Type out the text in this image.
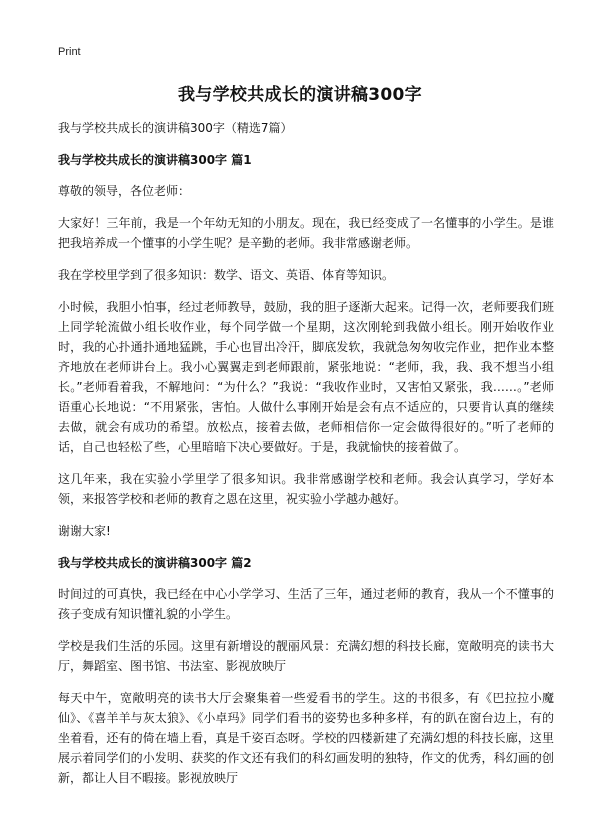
Print
我与学校共成长的演讲稿300字

我与学校共成长的演讲稿300字（精选7篇）

我与学校共成长的演讲稿300字 篇1

尊敬的领导，各位老师：

大家好！三年前，我是一个年幼无知的小朋友。现在，我已经变成了一名懂事的小学生。是谁把我培养成一个懂事的小学生呢？是辛勤的老师。我非常感谢老师。

我在学校里学到了很多知识：数学、语文、英语、体育等知识。

小时候，我胆小怕事，经过老师教导，鼓励，我的胆子逐渐大起来。记得一次，老师要我们班上同学轮流做小组长收作业，每个同学做一个星期，这次刚轮到我做小组长。刚开始收作业时，我的心扑通扑通地猛跳，手心也冒出冷汗，脚底发软，我就急匆匆收完作业，把作业本整齐地放在老师讲台上。我小心翼翼走到老师跟前，紧张地说：“老师，我，我、我不想当小组长。”老师看着我，不解地问：“为什么？”我说：“我收作业时，又害怕又紧张，我……。”老师语重心长地说：“不用紧张，害怕。人做什么事刚开始是会有点不适应的，只要肯认真的继续去做，就会有成功的希望。放松点，接着去做，老师相信你一定会做得很好的。”听了老师的话，自己也轻松了些，心里暗暗下决心要做好。于是，我就愉快的接着做了。

这几年来，我在实验小学里学了很多知识。我非常感谢学校和老师。我会认真学习，学好本领，来报答学校和老师的教育之恩在这里，祝实验小学越办越好。

谢谢大家!

我与学校共成长的演讲稿300字 篇2

时间过的可真快，我已经在中心小学学习、生活了三年，通过老师的教育，我从一个不懂事的孩子变成有知识懂礼貌的小学生。

学校是我们生活的乐园。这里有新增设的靓丽风景：充满幻想的科技长廊，宽敞明亮的读书大厅，舞蹈室、图书馆、书法室、影视放映厅

每天中午，宽敞明亮的读书大厅会聚集着一些爱看书的学生。这的书很多，有《巴拉拉小魔仙》、《喜羊羊与灰太狼》、《小卓玛》同学们看书的姿势也多种多样，有的趴在窗台边上，有的坐着看，还有的倚在墙上看，真是千姿百态呀。学校的四楼新建了充满幻想的科技长廊，这里展示着同学们的小发明、获奖的作文还有我们的科幻画发明的独特，作文的优秀，科幻画的创新，都让人目不暇接。影视放映厅
